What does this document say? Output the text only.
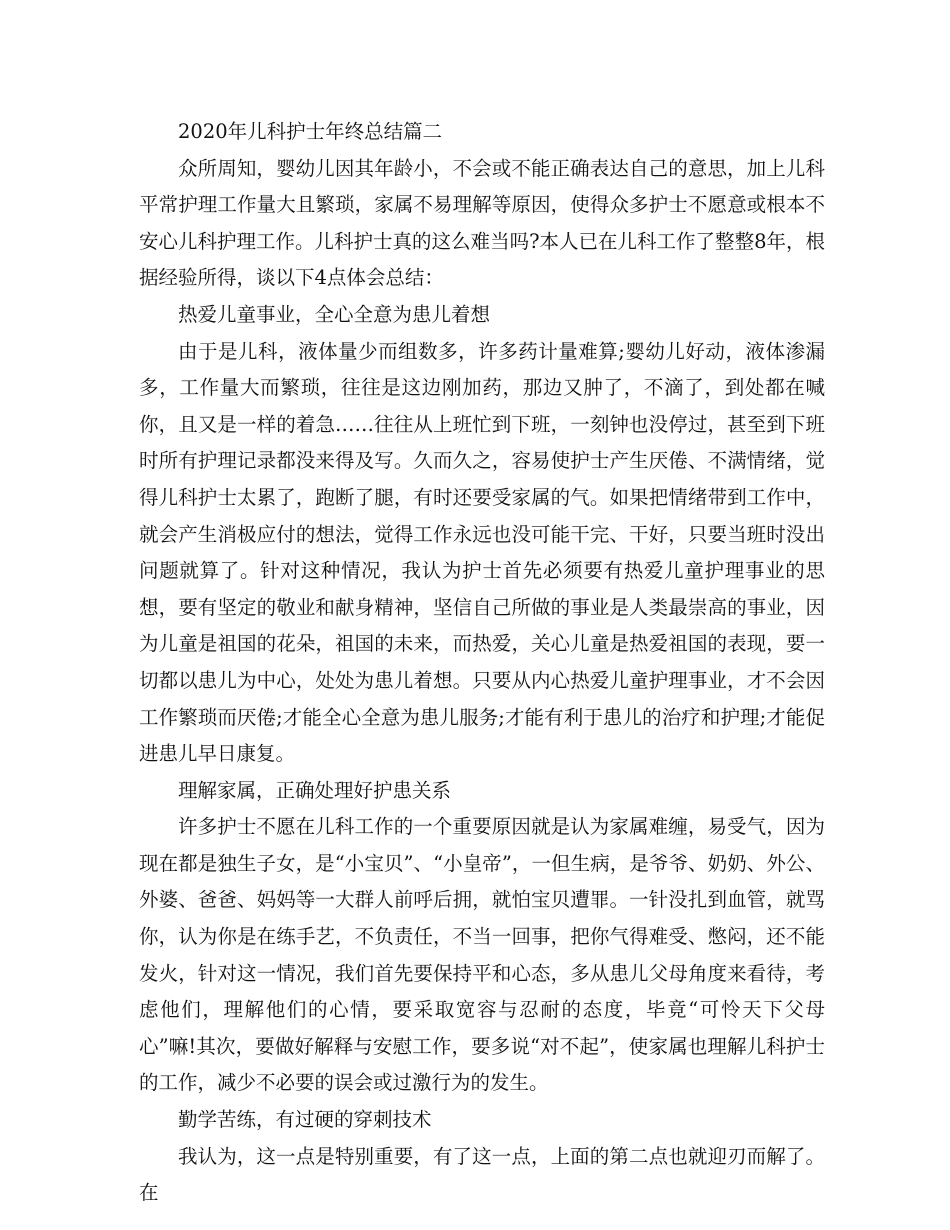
2020年儿科护士年终总结篇二

众所周知，婴幼儿因其年龄小，不会或不能正确表达自己的意思，加上儿科平常护理工作量大且繁琐，家属不易理解等原因，使得众多护士不愿意或根本不安心儿科护理工作。儿科护士真的这么难当吗?本人已在儿科工作了整整8年，根据经验所得，谈以下4点体会总结：

热爱儿童事业，全心全意为患儿着想

由于是儿科，液体量少而组数多，许多药计量难算;婴幼儿好动，液体渗漏多，工作量大而繁琐，往往是这边刚加药，那边又肿了，不滴了，到处都在喊你，且又是一样的着急……往往从上班忙到下班，一刻钟也没停过，甚至到下班时所有护理记录都没来得及写。久而久之，容易使护士产生厌倦、不满情绪，觉得儿科护士太累了，跑断了腿，有时还要受家属的气。如果把情绪带到工作中，就会产生消极应付的想法，觉得工作永远也没可能干完、干好，只要当班时没出问题就算了。针对这种情况，我认为护士首先必须要有热爱儿童护理事业的思想，要有坚定的敬业和献身精神，坚信自己所做的事业是人类最崇高的事业，因为儿童是祖国的花朵，祖国的未来，而热爱，关心儿童是热爱祖国的表现，要一切都以患儿为中心，处处为患儿着想。只要从内心热爱儿童护理事业，才不会因工作繁琐而厌倦;才能全心全意为患儿服务;才能有利于患儿的治疗和护理;才能促进患儿早日康复。

理解家属，正确处理好护患关系

许多护士不愿在儿科工作的一个重要原因就是认为家属难缠，易受气，因为现在都是独生子女，是“小宝贝”、“小皇帝”，一但生病，是爷爷、奶奶、外公、外婆、爸爸、妈妈等一大群人前呼后拥，就怕宝贝遭罪。一针没扎到血管，就骂你，认为你是在练手艺，不负责任，不当一回事，把你气得难受、憋闷，还不能发火，针对这一情况，我们首先要保持平和心态，多从患儿父母角度来看待，考虑他们，理解他们的心情，要采取宽容与忍耐的态度，毕竟“可怜天下父母心”嘛!其次，要做好解释与安慰工作，要多说“对不起”，使家属也理解儿科护士的工作，减少不必要的误会或过激行为的发生。

勤学苦练，有过硬的穿刺技术

我认为，这一点是特别重要，有了这一点，上面的第二点也就迎刃而解了。在
